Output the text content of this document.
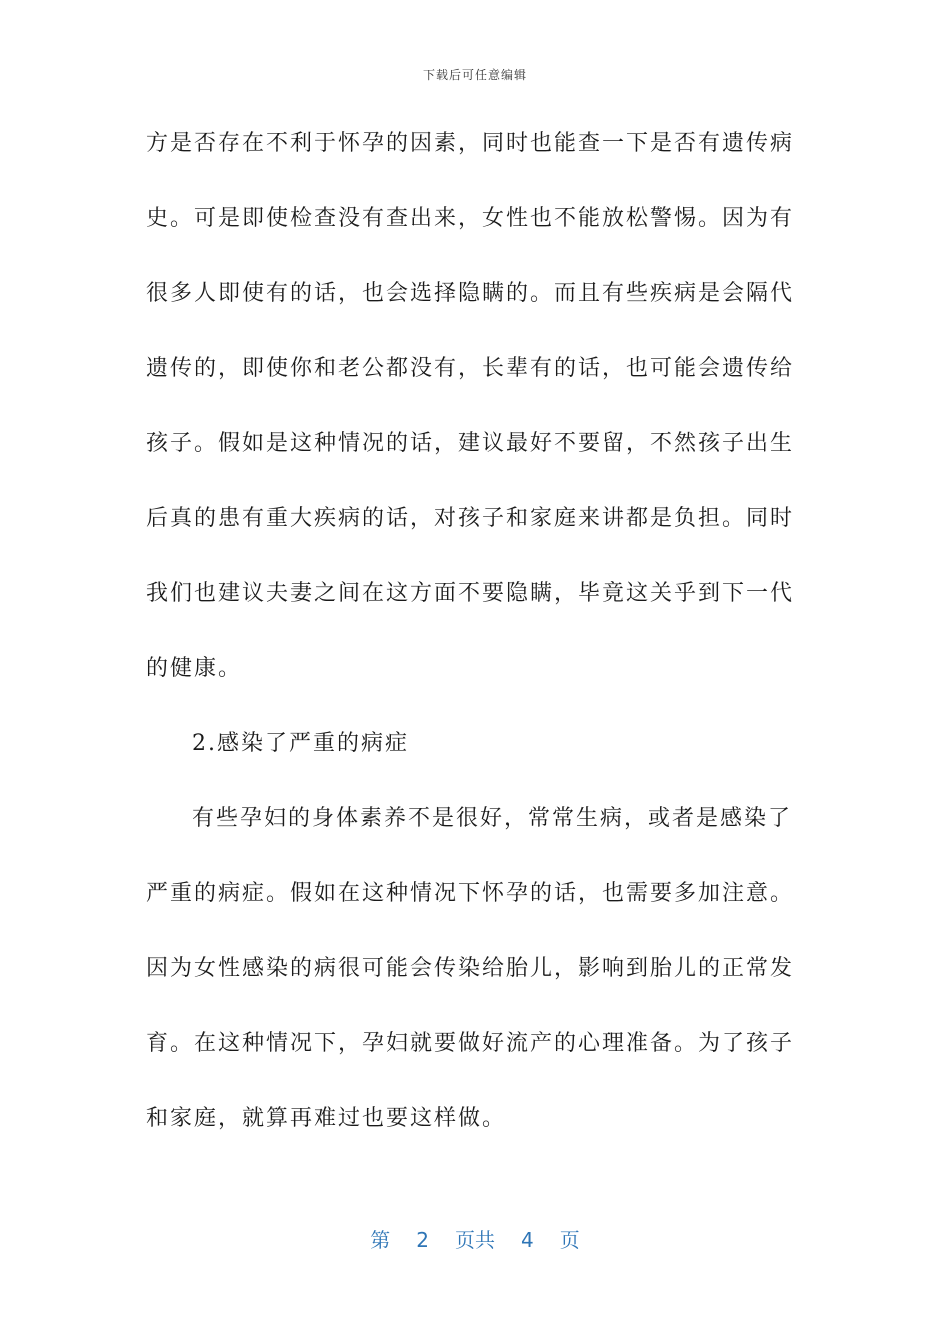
下载后可任意编辑
方是否存在不利于怀孕的因素，同时也能查一下是否有遗传病
史。可是即使检查没有查出来，女性也不能放松警惕。因为有
很多人即使有的话，也会选择隐瞒的。而且有些疾病是会隔代
遗传的，即使你和老公都没有，长辈有的话，也可能会遗传给
孩子。假如是这种情况的话，建议最好不要留，不然孩子出生
后真的患有重大疾病的话，对孩子和家庭来讲都是负担。同时
我们也建议夫妻之间在这方面不要隐瞒，毕竟这关乎到下一代
的健康。
2.感染了严重的病症
有些孕妇的身体素养不是很好，常常生病，或者是感染了
严重的病症。假如在这种情况下怀孕的话，也需要多加注意。
因为女性感染的病很可能会传染给胎儿，影响到胎儿的正常发
育。在这种情况下，孕妇就要做好流产的心理准备。为了孩子
和家庭，就算再难过也要这样做。
第 2 页共 4 页
